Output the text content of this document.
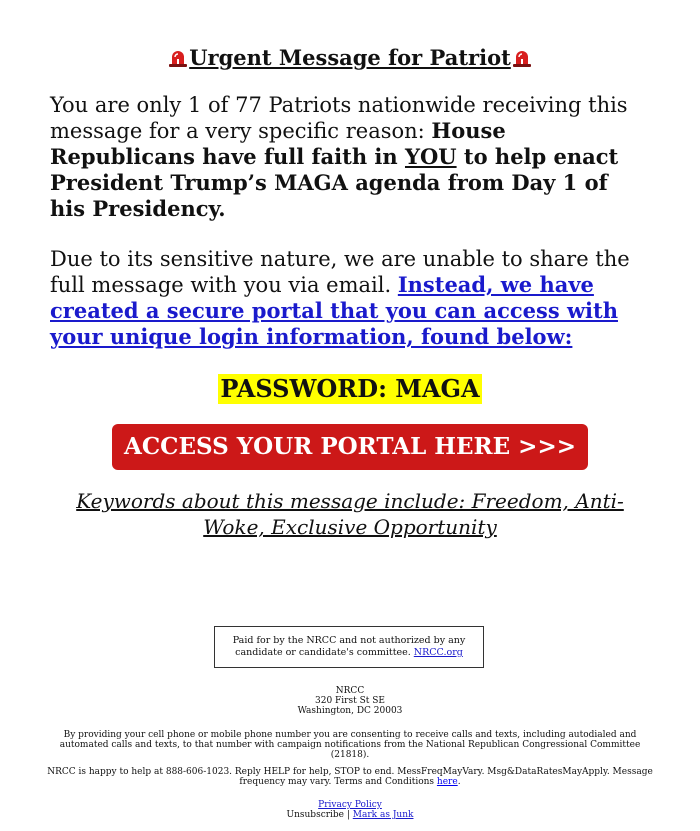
Urgent Message for Patriot

You are only 1 of 77 Patriots nationwide receiving this message for a very specific reason: House Republicans have full faith in YOU to help enact President Trump’s MAGA agenda from Day 1 of his Presidency.

Due to its sensitive nature, we are unable to share the full message with you via email. Instead, we have created a secure portal that you can access with your unique login information, found below:

PASSWORD: MAGA
ACCESS YOUR PORTAL HERE >>>
Keywords about this message include: Freedom, Anti-Woke, Exclusive Opportunity
Paid for by the NRCC and not authorized by any candidate or candidate's committee. NRCC.org
NRCC
320 First St SE
Washington, DC 20003
By providing your cell phone or mobile phone number you are consenting to receive calls and texts, including autodialed and automated calls and texts, to that number with campaign notifications from the National Republican Congressional Committee (21818).
NRCC is happy to help at 888-606-1023. Reply HELP for help, STOP to end. MessFreqMayVary. Msg&DataRatesMayApply. Message frequency may vary. Terms and Conditions here.
Privacy Policy
Unsubscribe | Mark as Junk
